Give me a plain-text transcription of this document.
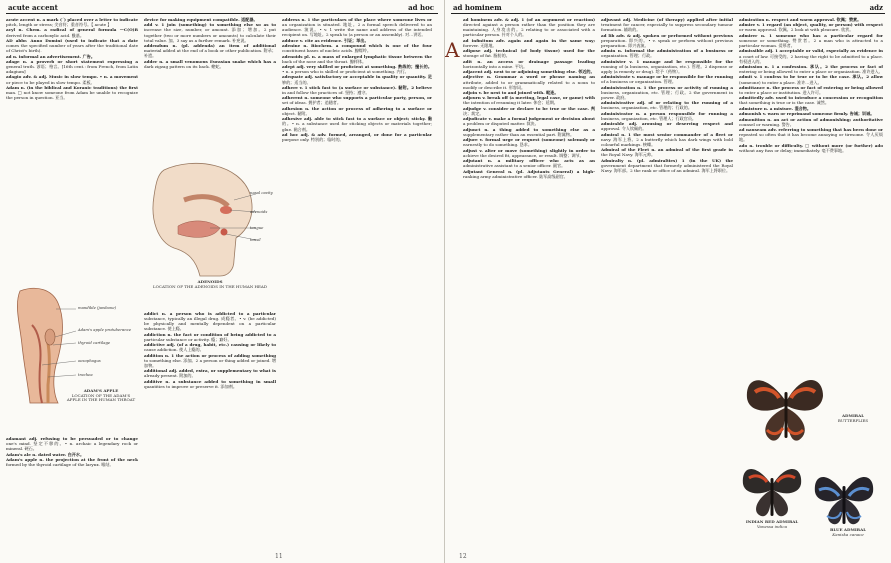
acute accent	ad hoc

acute accent n. a mark (´) placed over a letter to indicate pitch, length or stress; 尖音符；重音符号。【 acute 】

acyl n. Chem. a radical of general formula —C(O)R derived from a carboxylic acid. 酰基。

AD abbr. Anno Domini (used to indicate that a date comes the specified number of years after the traditional date of Christ's birth).

ad n. informal an advertisement. 广告。

adage n. a proverb or short statement expressing a general truth. 谚语；格言。[16th cent.: from French, from Latin adagium]

adagio adv. & adj. Music in slow tempo. • n. a movement or piece to be played in slow tempo. 柔板。

Adam n. (in the biblical and Koranic traditions) the first man. □ not know someone from Adam be unable to recognize the person in question. 亚当。

mandible (jawbone)
Adam's apple protuberance
thyroid cartilage
oesophagus
trachea
ADAM'S APPLE
LOCATION OF THE ADAM'S APPLE IN THE HUMAN THROAT

adamant adj. refusing to be persuaded or to change one's mind. 坚定不移的。• n. archaic a legendary rock or mineral. 硬石。

Adam's ale n. dated water. 白开水。

Adam's apple n. the projection at the front of the neck formed by the thyroid cartilage of the larynx. 喉结。

device for making equipment compatible. 适配器。

add v. 1 join (something) to something else so as to increase the size, number, or amount. 添加；增加。2 put together (two or more numbers or amounts) to calculate their total value. 加。3 say as a further remark. 补充说。

addendum n. (pl. addenda) an item of additional material added at the end of a book or other publication. 附录；补遗。

adder n. a small venomous Eurasian snake which has a dark zigzag pattern on its back. 蝰蛇。

nasal cavity
adenoids
tongue
tonsil
ADENOIDS
LOCATION OF THE ADENOIDS IN THE HUMAN HEAD

addict n. a person who is addicted to a particular substance, typically an illegal drug. 成瘾者。• v. (be addicted) be physically and mentally dependent on a particular substance. 使上瘾。

addiction n. the fact or condition of being addicted to a particular substance or activity. 瘾；癖好。

addictive adj. (of a drug, habit, etc.) causing or likely to cause addiction. 使人上瘾的。

addition n. 1 the action or process of adding something to something else. 添加。2 a person or thing added or joined. 增加物。

additional adj. added, extra, or supplementary to what is already present. 附加的。

additive n. a substance added to something in small quantities to improve or preserve it. 添加剂。

address n. 1 the particulars of the place where someone lives or an organization is situated. 地址。2 a formal speech delivered to an audience. 演说。• v. 1 write the name and address of the intended recipient on. 写地址。2 speak to (a person or an assembly). 对…讲话。

adduce v. cite as evidence. 引证；举出。

adenine n. Biochem. a compound which is one of the four constituent bases of nucleic acids. 腺嘌呤。

adenoids pl. n. a mass of enlarged lymphatic tissue between the back of the nose and the throat. 腺样体。

adept adj. very skilled or proficient at something. 熟练的；擅长的。• n. a person who is skilled or proficient at something. 内行。

adequate adj. satisfactory or acceptable in quality or quantity. 足够的；适当的。

adhere v. 1 stick fast to (a surface or substance). 黏附。2 believe in and follow the practices of. 坚持；遵守。

adherent n. someone who supports a particular party, person, or set of ideas. 拥护者；追随者。

adhesion n. the action or process of adhering to a surface or object. 黏附。

adhesive adj. able to stick fast to a surface or object; sticky. 黏的。• n. a substance used for sticking objects or materials together; glue. 黏合剂。

ad hoc adj. & adv. formed, arranged, or done for a particular purpose only. 特别的；临时的。

11
ad hominem	adz
A

ad hominem adv. & adj. 1 (of an argument or reaction) directed against a person rather than the position they are maintaining. 人身攻击的。2 relating to or associated with a particular person. 针对个人的。

ad infinitum adv. again and again in the same way; forever. 无限地。

adipose adj. technical (of body tissue) used for the storage of fat. 脂肪的。

adit n. an access or drainage passage leading horizontally into a mine. 平坑。

adjacent adj. next to or adjoining something else. 邻近的。

adjective n. Grammar a word or phrase naming an attribute, added to or grammatically related to a noun to modify or describe it. 形容词。

adjoin v. be next to and joined with. 毗连。

adjourn v. break off (a meeting, legal case, or game) with the intention of resuming it later. 休会；延期。

adjudge v. consider or declare to be true or the case. 判决；裁定。

adjudicate v. make a formal judgement or decision about a problem or disputed matter. 裁决。

adjunct n. a thing added to something else as a supplementary rather than an essential part. 附属物。

adjure v. formal urge or request (someone) solemnly or earnestly to do something. 恳求。

adjust v. alter or move (something) slightly in order to achieve the desired fit, appearance, or result. 调整；调节。

adjutant n. a military officer who acts as an administrative assistant to a senior officer. 副官。

Adjutant General n. (pl. Adjutants General) a high-ranking army administrative officer. 陆军高级副官。

adjuvant adj. Medicine (of therapy) applied after initial treatment for cancer, especially to suppress secondary tumour formation. 辅助的。

ad lib adv. & adj. spoken or performed without previous preparation. 即兴的。• v. speak or perform without previous preparation. 即兴表演。

admin n. informal the administration of a business or organization. 管理；行政。

administer v. 1 manage and be responsible for the running of (a business, organization, etc.). 管理。2 dispense or apply (a remedy or drug). 给予（药物）。

administrate v. manage or be responsible for the running of a business or organization. 管理。

administration n. 1 the process or activity of running a business, organization, etc. 管理；行政。2 the government in power. 政府。

administrative adj. of or relating to the running of a business, organization, etc. 管理的；行政的。

administrator n. a person responsible for running a business, organization, etc. 管理人；行政官员。

admirable adj. arousing or deserving respect and approval. 令人钦佩的。

admiral n. 1 the most senior commander of a fleet or navy. 海军上将。2 a butterfly which has dark wings with bold colourful markings. 蛱蝶。

Admiral of the Fleet n. an admiral of the first grade in the Royal Navy. 海军元帅。

Admiralty n. (pl. admiralties) 1 (in the UK) the government department that formerly administered the Royal Navy. 海军部。2 the rank or office of an admiral. 海军上将职位。

admiration n. respect and warm approval. 钦佩；赞赏。

admire v. 1 regard (an object, quality, or person) with respect or warm approval. 钦佩。2 look at with pleasure. 欣赏。

admirer n. 1 someone who has a particular regard for someone or something. 赞赏者。2 a man who is attracted to a particular woman. 爱慕者。

admissible adj. 1 acceptable or valid, especially as evidence in a court of law. 可接受的。2 having the right to be admitted to a place. 有权进入的。

admission n. 1 a confession. 承认。2 the process or fact of entering or being allowed to enter a place or organization. 准许进入。

admit v. 1 confess to be true or to be the case. 承认。2 allow (someone) to enter a place. 准许…进入。

admittance n. the process or fact of entering or being allowed to enter a place or institution. 进入许可。

admittedly adv. used to introduce a concession or recognition that something is true or is the case. 诚然。

admixture n. a mixture. 混合物。

admonish v. warn or reprimand someone firmly. 告诫；训诫。

admonition n. an act or action of admonishing; authoritative counsel or warning. 警告。

ad nauseam adv. referring to something that has been done or repeated so often that it has become annoying or tiresome. 令人厌烦地。

ado n. trouble or difficulty. □ without more (or further) ado without any fuss or delay; immediately. 毫不费事地。

ADMIRAL
BUTTERFLIES
INDIAN RED ADMIRAL
Vanessa indica
BLUE ADMIRAL
Kaniska canace
12
